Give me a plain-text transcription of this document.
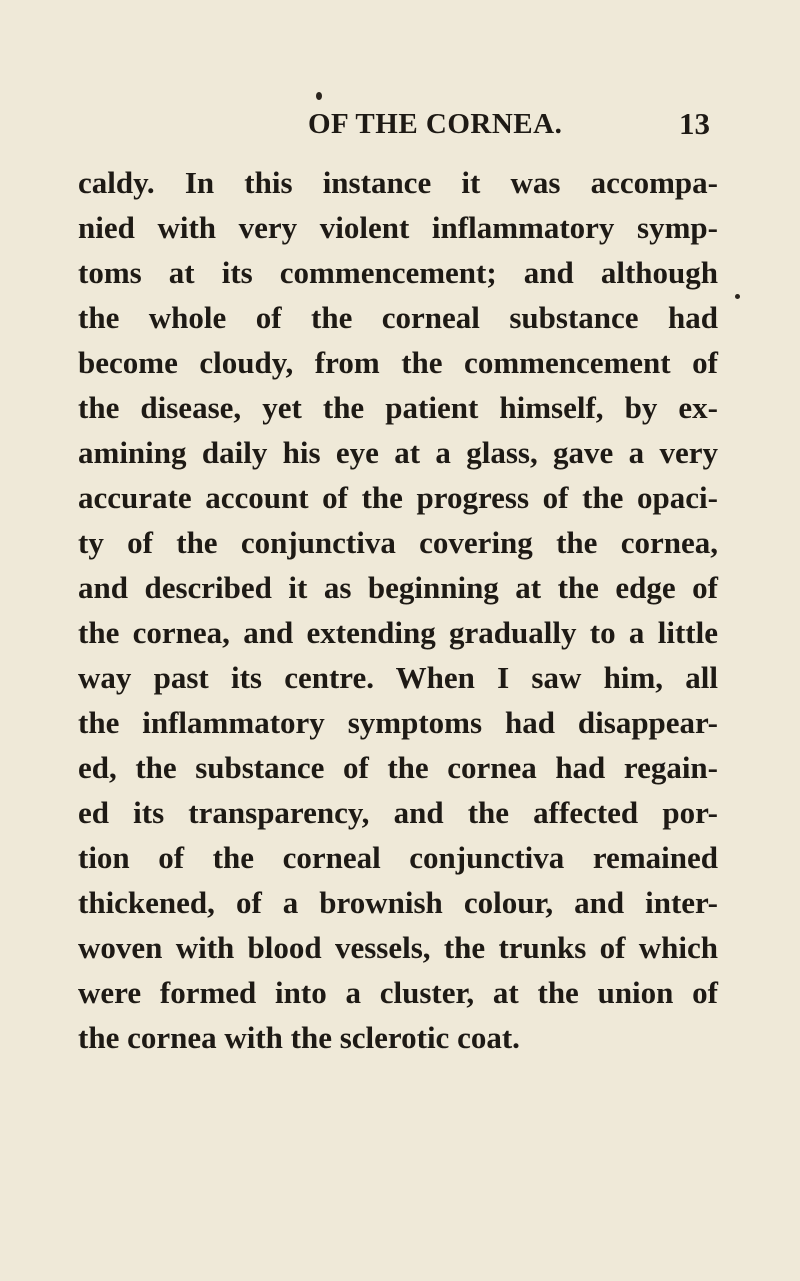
OF THE CORNEA.	13
caldy. In this instance it was accompa-
nied with very violent inflammatory symp-
toms at its commencement; and although
the whole of the corneal substance had
become cloudy, from the commencement of
the disease, yet the patient himself, by ex-
amining daily his eye at a glass, gave a very
accurate account of the progress of the opaci-
ty of the conjunctiva covering the cornea,
and described it as beginning at the edge of
the cornea, and extending gradually to a little
way past its centre. When I saw him, all
the inflammatory symptoms had disappear-
ed, the substance of the cornea had regain-
ed its transparency, and the affected por-
tion of the corneal conjunctiva remained
thickened, of a brownish colour, and inter-
woven with blood vessels, the trunks of which
were formed into a cluster, at the union of
the cornea with the sclerotic coat.
